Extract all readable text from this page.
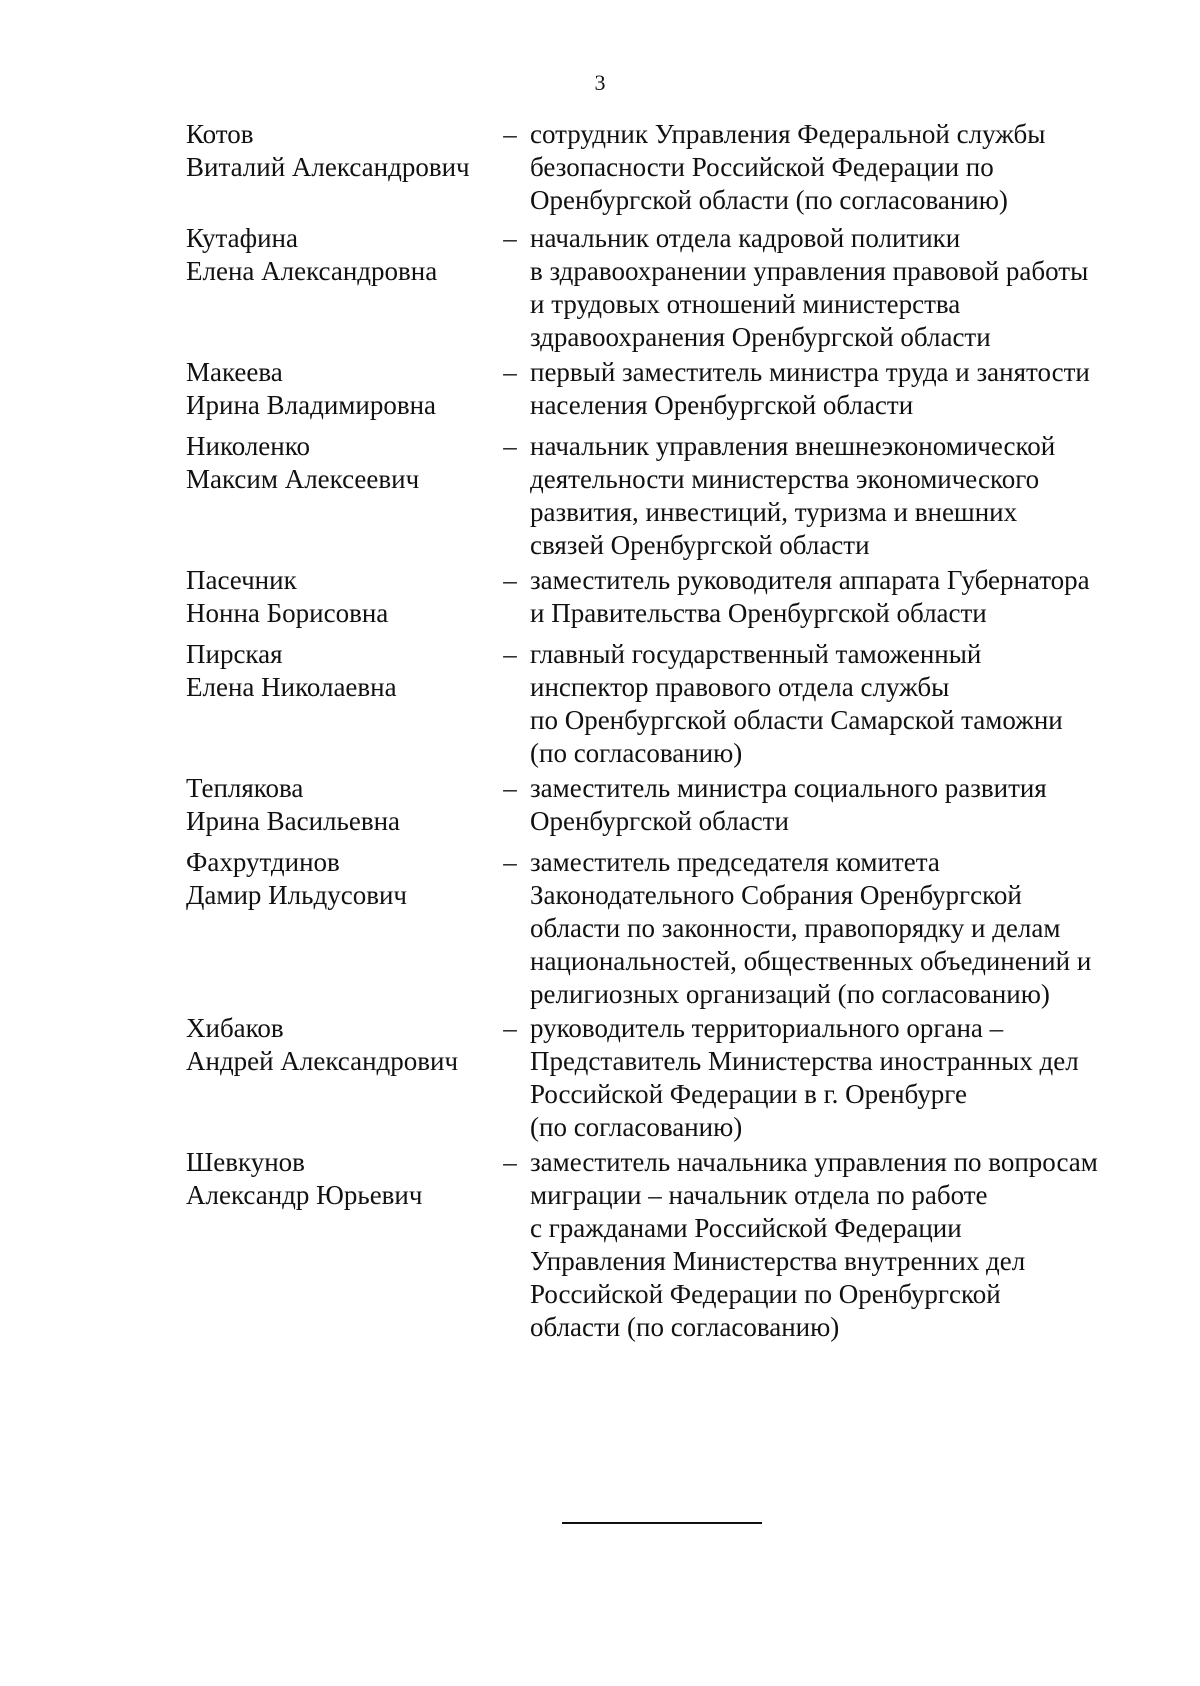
3
Котов
Виталий Александрович
– сотрудник Управления Федеральной службы
безопасности Российской Федерации по
Оренбургской области (по согласованию)
Кутафина
Елена Александровна
– начальник отдела кадровой политики
в здравоохранении управления правовой работы
и трудовых отношений министерства
здравоохранения Оренбургской области
Макеева
Ирина Владимировна
– первый заместитель министра труда и занятости
населения Оренбургской области
Николенко
Максим Алексеевич
– начальник управления внешнеэкономической
деятельности министерства экономического
развития, инвестиций, туризма и внешних
связей Оренбургской области
Пасечник
Нонна Борисовна
– заместитель руководителя аппарата Губернатора
и Правительства Оренбургской области
Пирская
Елена Николаевна
– главный государственный таможенный
инспектор правового отдела службы
по Оренбургской области Самарской таможни
(по согласованию)
Теплякова
Ирина Васильевна
– заместитель министра социального развития
Оренбургской области
Фахрутдинов
Дамир Ильдусович
– заместитель председателя комитета
Законодательного Собрания Оренбургской
области по законности, правопорядку и делам
национальностей, общественных объединений и
религиозных организаций (по согласованию)
Хибаков
Андрей Александрович
– руководитель территориального органа –
Представитель Министерства иностранных дел
Российской Федерации в г. Оренбурге
(по согласованию)
Шевкунов
Александр Юрьевич
– заместитель начальника управления по вопросам
миграции – начальник отдела по работе
с гражданами Российской Федерации
Управления Министерства внутренних дел
Российской Федерации по Оренбургской
области (по согласованию)
